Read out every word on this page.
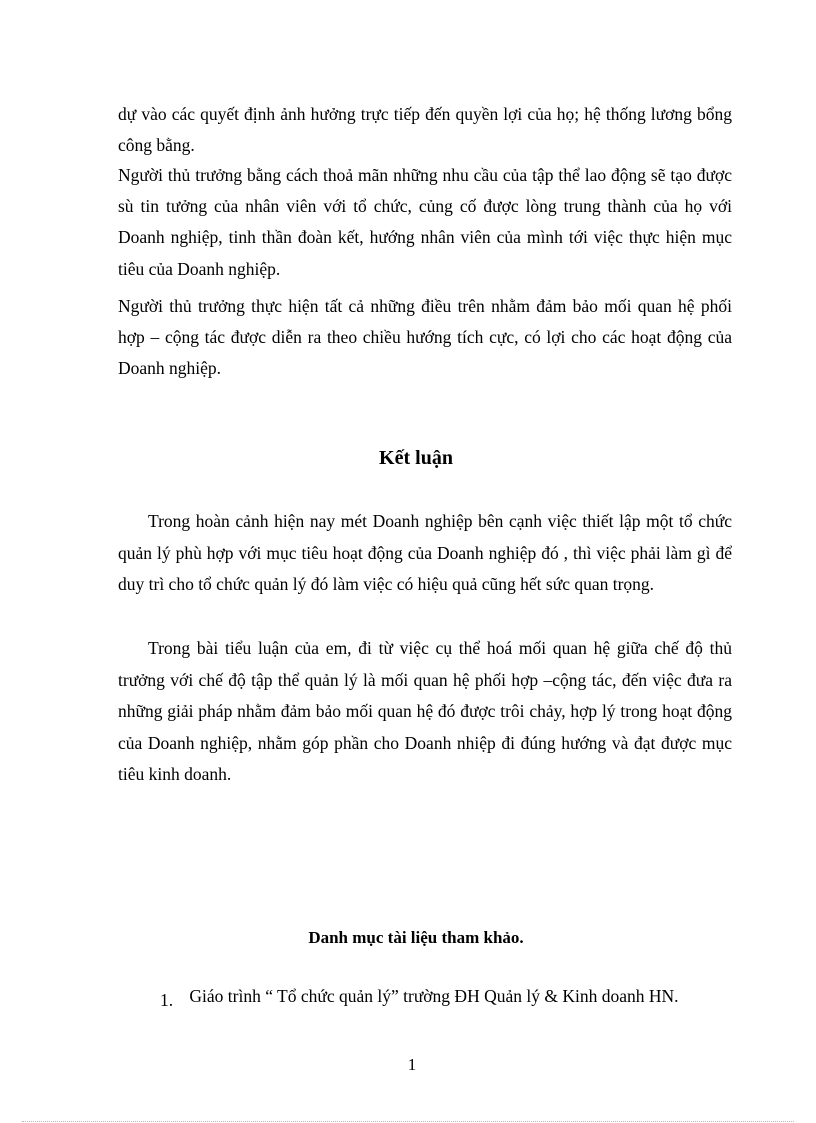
dự vào các quyết định ảnh hưởng trực tiếp đến quyền lợi của họ; hệ thống lương bổng công bằng.
Người thủ trưởng bằng cách thoả mãn những nhu cầu của tập thể lao động sẽ tạo được sù tin tưởng của nhân viên với tổ chức, củng cố được lòng trung thành của họ với Doanh nghiệp, tinh thần đoàn kết, hướng nhân viên của mình tới việc thực hiện mục tiêu của Doanh nghiệp.
Người thủ trưởng thực hiện tất cả những điều trên nhằm đảm bảo mối quan hệ phối hợp – cộng tác được diễn ra theo chiều hướng tích cực, có lợi cho các hoạt động của Doanh nghiệp.
Kết luận
Trong hoàn cảnh hiện nay mét Doanh nghiệp bên cạnh việc thiết lập một tổ chức quản lý phù hợp với mục tiêu hoạt động của Doanh nghiệp đó , thì việc phải làm gì để duy trì cho tổ chức quản lý đó làm việc có hiệu quả cũng hết sức quan trọng.
Trong bài tiểu luận của em, đi từ việc cụ thể hoá mối quan hệ giữa chế độ thủ trưởng với chế độ tập thể quản lý là mối quan hệ phối hợp –cộng tác, đến việc đưa ra những giải pháp nhằm đảm bảo mối quan hệ đó được trôi chảy, hợp lý trong hoạt động của Doanh nghiệp, nhằm góp phần cho Doanh nhiệp đi đúng hướng và đạt được mục tiêu kinh doanh.
Danh mục tài liệu tham khảo.
1. Giáo trình “ Tổ chức quản lý” trường ĐH Quản lý & Kinh doanh HN.
1
